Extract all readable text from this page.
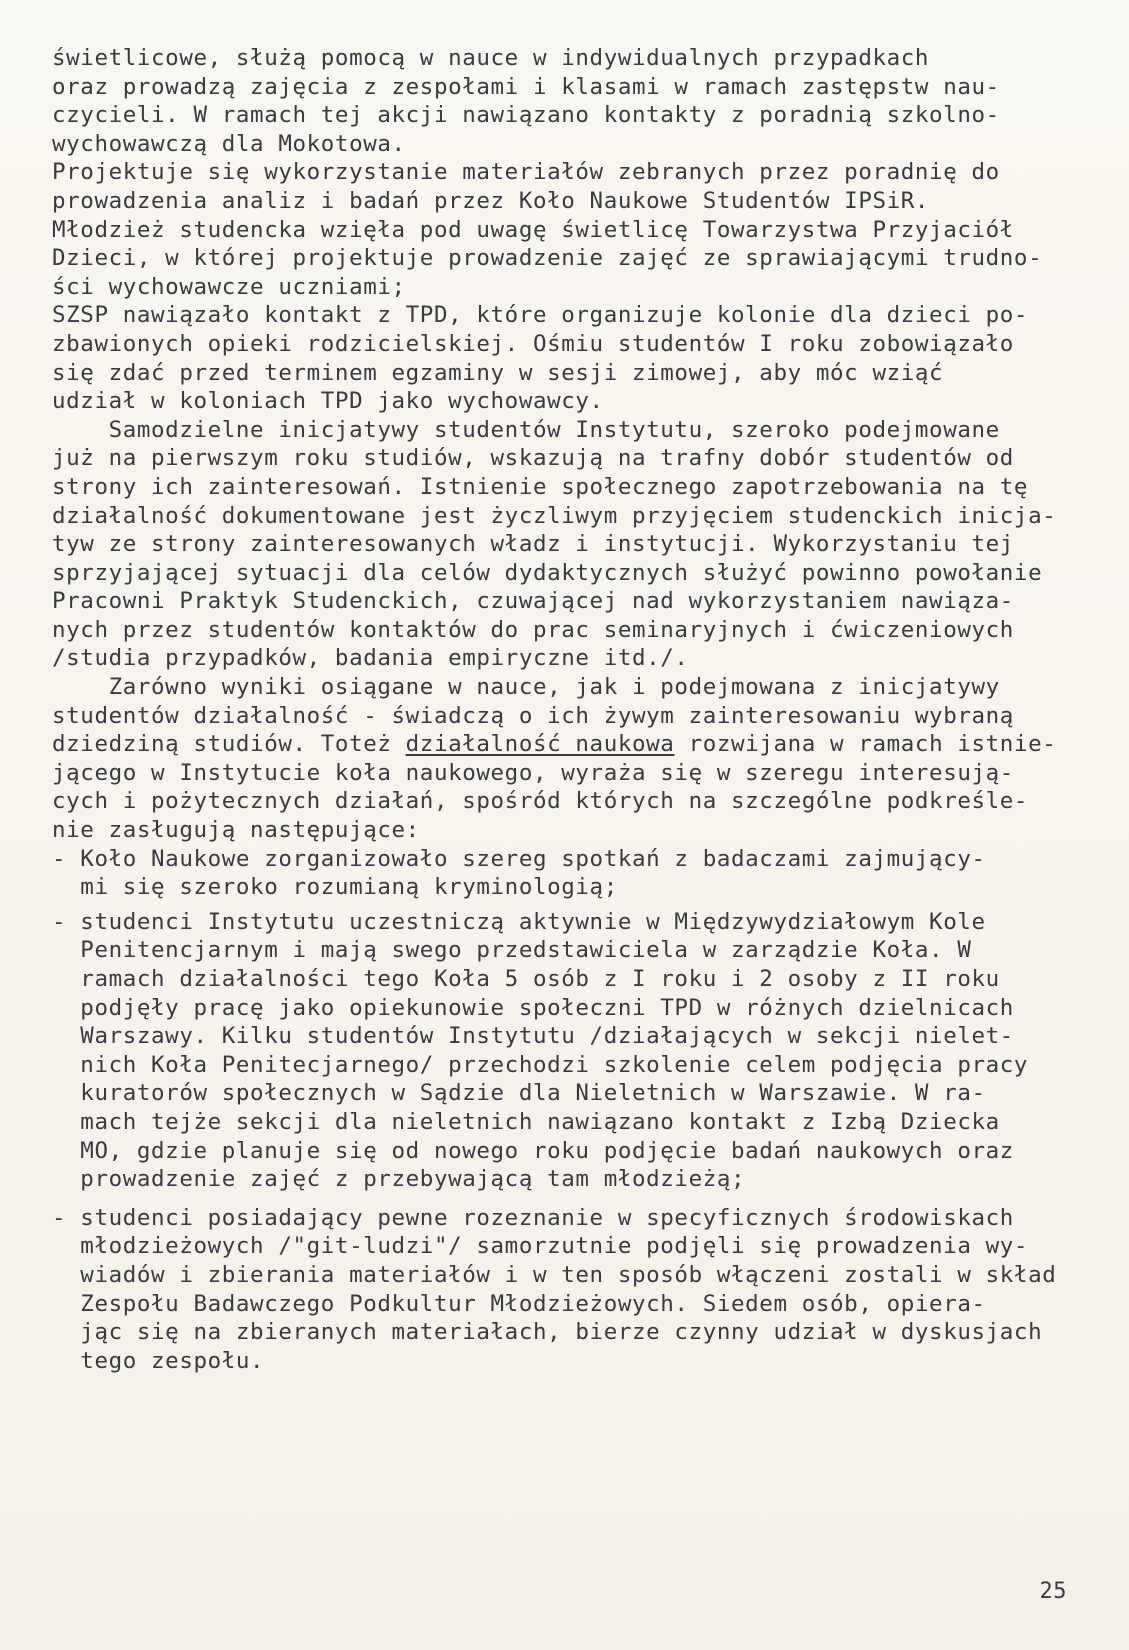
świetlicowe, służą pomocą w nauce w indywidualnych przypadkach
oraz prowadzą zajęcia z zespołami i klasami w ramach zastępstw nau-
czycieli. W ramach tej akcji nawiązano kontakty z poradnią szkolno-
wychowawczą dla Mokotowa.
Projektuje się wykorzystanie materiałów zebranych przez poradnię do
prowadzenia analiz i badań przez Koło Naukowe Studentów IPSiR.
Młodzież studencka wzięła pod uwagę świetlicę Towarzystwa Przyjaciół
Dzieci, w której projektuje prowadzenie zajęć ze sprawiającymi trudno-
ści wychowawcze uczniami;
SZSP nawiązało kontakt z TPD, które organizuje kolonie dla dzieci po-
zbawionych opieki rodzicielskiej. Ośmiu studentów I roku zobowiązało
się zdać przed terminem egzaminy w sesji zimowej, aby móc wziąć
udział w koloniach TPD jako wychowawcy.
Samodzielne inicjatywy studentów Instytutu, szeroko podejmowane
już na pierwszym roku studiów, wskazują na trafny dobór studentów od
strony ich zainteresowań. Istnienie społecznego zapotrzebowania na tę
działalność dokumentowane jest życzliwym przyjęciem studenckich inicja-
tyw ze strony zainteresowanych władz i instytucji. Wykorzystaniu tej
sprzyjającej sytuacji dla celów dydaktycznych służyć powinno powołanie
Pracowni Praktyk Studenckich, czuwającej nad wykorzystaniem nawiąza-
nych przez studentów kontaktów do prac seminaryjnych i ćwiczeniowych
/studia przypadków, badania empiryczne itd./.
Zarówno wyniki osiągane w nauce, jak i podejmowana z inicjatywy
studentów działalność - świadczą o ich żywym zainteresowaniu wybraną
dziedziną studiów. Toteż działalność naukowa rozwijana w ramach istnie-
jącego w Instytucie koła naukowego, wyraża się w szeregu interesują-
cych i pożytecznych działań, spośród których na szczególne podkreśle-
nie zasługują następujące:
- Koło Naukowe zorganizowało szereg spotkań z badaczami zajmujący-
mi się szeroko rozumianą kryminologią;
- studenci Instytutu uczestniczą aktywnie w Międzywydziałowym Kole
Penitencjarnym i mają swego przedstawiciela w zarządzie Koła. W
ramach działalności tego Koła 5 osób z I roku i 2 osoby z II roku
podjęły pracę jako opiekunowie społeczni TPD w różnych dzielnicach
Warszawy. Kilku studentów Instytutu /działających w sekcji nielet-
nich Koła Penitecjarnego/ przechodzi szkolenie celem podjęcia pracy
kuratorów społecznych w Sądzie dla Nieletnich w Warszawie. W ra-
mach tejże sekcji dla nieletnich nawiązano kontakt z Izbą Dziecka
MO, gdzie planuje się od nowego roku podjęcie badań naukowych oraz
prowadzenie zajęć z przebywającą tam młodzieżą;
- studenci posiadający pewne rozeznanie w specyficznych środowiskach
młodzieżowych /"git-ludzi"/ samorzutnie podjęli się prowadzenia wy-
wiadów i zbierania materiałów i w ten sposób włączeni zostali w skład
Zespołu Badawczego Podkultur Młodzieżowych. Siedem osób, opiera-
jąc się na zbieranych materiałach, bierze czynny udział w dyskusjach
tego zespołu.
25
